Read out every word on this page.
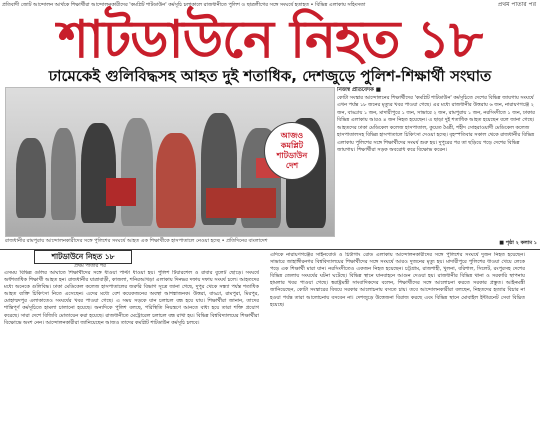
প্রতিবাদী জোট আন্দোলন আর্থকে শিক্ষার্থীরা আন্দোলনকারীদের 'কমপ্লিট শাটডাউন' কর্মসূচি চলাকালে রাজধানীতে পুলিশ ও ছাত্রলীগের সঙ্গে সংঘর্ষে হতাহত • বিভিন্ন এলাকায় সহিংসতা	প্রথম পাতার পর
শাটডাউনে নিহত ১৮
ঢামেকেই গুলিবিদ্ধসহ আহত দুই শতাধিক, দেশজুড়ে পুলিশ-শিক্ষার্থী সংঘাত
আজও
কমপ্লিট
শাটডাউন
দেশ
রাজধানীর রামপুরায় আন্দোলনকারীদের সঙ্গে পুলিশের সংঘর্ষে আহত এক শিক্ষার্থীকে হাসপাতালে নেওয়া হচ্ছে • প্রতিদিনের বাংলাদেশ
নিজস্ব প্রতিবেদক ■
কোটা সংস্কার আন্দোলনের শিক্ষার্থীদের 'কমপ্লিট শাটডাউন' কর্মসূচিতে দেশের বিভিন্ন জায়গায় সংঘর্ষে এখন পর্যন্ত ১৮ জনের মৃত্যুর খবর পাওয়া গেছে। এর মধ্যে রাজধানীর উত্তরায় ৬ জন, নারায়ণগঞ্জে ২ জন, বাড্ডায় ১ জন, মাদারীপুরে ১ জন, সাভারে ২ জন, রামপুরায় ১ জন, নরসিংদীতে ১ জন, ঢাকার বিভিন্ন এলাকায় আরও ৪ জন নিহত হয়েছেন। এ ছাড়া দুই শতাধিক আহত হয়েছেন বলে জানা গেছে। আহতদের ঢাকা মেডিকেল কলেজ হাসপাতাল, কুয়েত মৈত্রী, শহীদ সোহরাওয়ার্দী মেডিকেল কলেজ হাসপাতালসহ বিভিন্ন হাসপাতালে চিকিৎসা দেওয়া হচ্ছে। বৃহস্পতিবার সকাল থেকে রাজধানীর বিভিন্ন এলাকায় পুলিশের সঙ্গে শিক্ষার্থীদের সংঘর্ষ শুরু হয়। দুপুরের পর তা ছড়িয়ে পড়ে দেশের বিভিন্ন জায়গায়। শিক্ষার্থীরা সড়ক অবরোধ করে বিক্ষোভ করেন।
■ পৃষ্ঠা ২ কলাম ১
শাটডাউনে নিহত ১৮
প্রথম পাতার পর
এসময় বিভিন্ন গুলির আঘাতে শিক্ষার্থীদের সঙ্গে ধাওয়া পাল্টা ধাওয়া হয়। পুলিশ টিয়ারশেল ও রাবার বুলেট ছোড়ে। সংঘর্ষে অর্ধশতাধিক শিক্ষার্থী আহত হন। রাজধানীর যাত্রাবাড়ী, কাজলা, শনিরআখড়া এলাকায় দিনভর দফায় দফায় সংঘর্ষ চলে। আহতদের মধ্যে অনেকে গুলিবিদ্ধ। ঢাকা মেডিকেল কলেজ হাসপাতালের জরুরি বিভাগ সূত্রে জানা গেছে, দুপুর থেকে সন্ধ্যা পর্যন্ত শতাধিক আহত ব্যক্তি চিকিৎসা নিতে এসেছেন। এদের মধ্যে বেশ কয়েকজনের অবস্থা আশঙ্কাজনক। উত্তরা, বাড্ডা, রামপুরা, মিরপুর, মোহাম্মদপুর এলাকাতেও সংঘর্ষের খবর পাওয়া গেছে। এ সময় সড়কে যান চলাচল বন্ধ হয়ে যায়। শিক্ষার্থীরা জানান, তাদের শান্তিপূর্ণ কর্মসূচিতে হামলা চালানো হয়েছে। অন্যদিকে পুলিশ বলছে, পরিস্থিতি নিয়ন্ত্রণে আনতে বাধ্য হয়ে তারা শক্তি প্রয়োগ করেছে। সারা দেশে বিজিবি মোতায়েন করা হয়েছে। রাজধানীতে মেট্রোরেল চলাচল বন্ধ রাখা হয়। বিভিন্ন বিশ্ববিদ্যালয়ের শিক্ষার্থীরা বিক্ষোভে অংশ নেন। আন্দোলনকারীরা জানিয়েছেন আজও তাদের কমপ্লিট শাটডাউন কর্মসূচি চলবে।
এদিকে নারায়ণগঞ্জের সাইনবোর্ড ও চিটাগাং রোড এলাকায় আন্দোলনকারীদের সঙ্গে পুলিশের সংঘর্ষে দুজন নিহত হয়েছেন। সাভারে জাহাঙ্গীরনগর বিশ্ববিদ্যালয়ের শিক্ষার্থীদের সঙ্গে সংঘর্ষে আরও দুজনের মৃত্যু হয়। মাদারীপুরে পুলিশের ধাওয়া খেয়ে লেকে পড়ে এক শিক্ষার্থী মারা যান। নরসিংদীতেও একজন নিহত হয়েছেন। চট্টগ্রাম, রাজশাহী, খুলনা, বরিশাল, সিলেট, রংপুরসহ দেশের বিভিন্ন জেলায় সংঘর্ষের ঘটনা ঘটেছে। বিভিন্ন স্থানে যানবাহনে আগুন দেওয়া হয়। রাজধানীর বিভিন্ন থানা ও সরকারি স্থাপনায় হামলার খবর পাওয়া গেছে। স্বরাষ্ট্রমন্ত্রী সাংবাদিকদের বলেন, শিক্ষার্থীদের সঙ্গে আলোচনা করতে সরকার প্রস্তুত। আইনমন্ত্রী জানিয়েছেন, কোটা সংস্কারের বিষয়ে সরকার আলোচনায় বসতে চায়। তবে আন্দোলনকারীরা বলছেন, নিহতদের হত্যার বিচার না হওয়া পর্যন্ত তারা আলোচনায় বসবেন না। দেশজুড়ে উত্তেজনা বিরাজ করছে এবং বিভিন্ন স্থানে মোবাইল ইন্টারনেট সেবা বিঘ্নিত হয়েছে।
